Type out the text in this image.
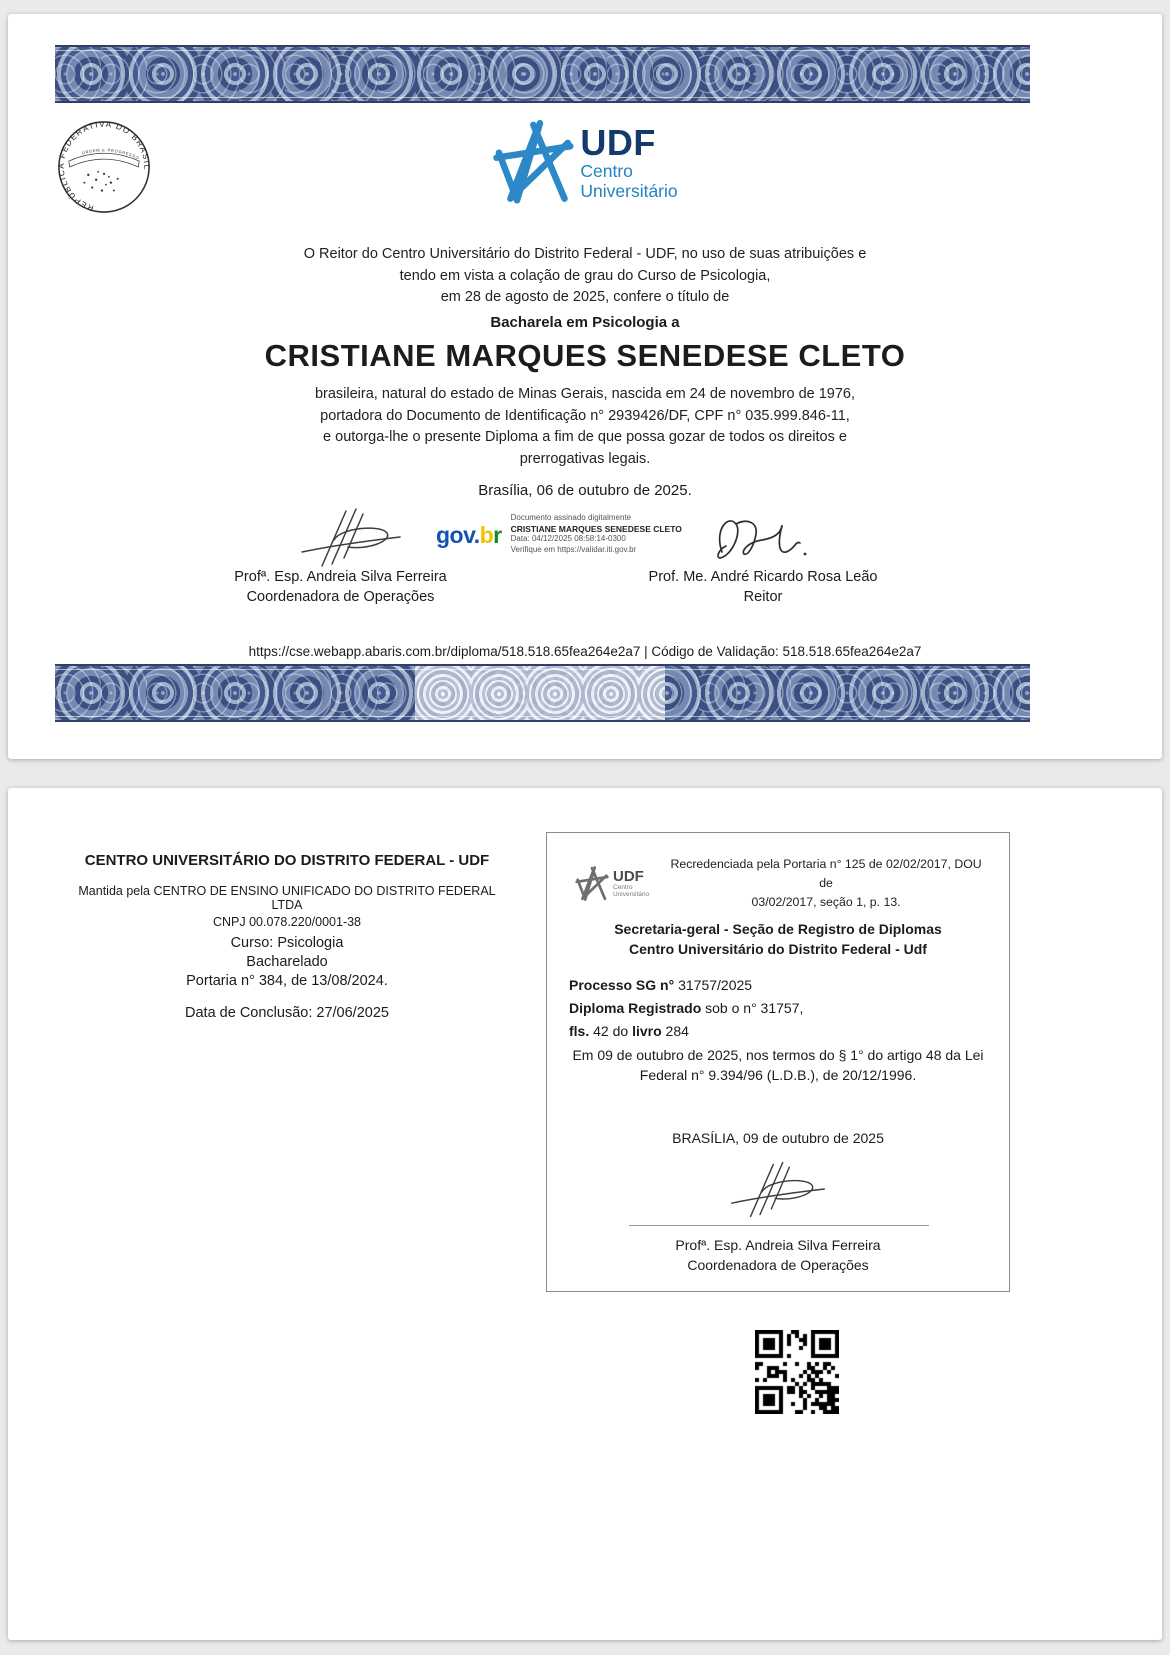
REPÚBLICA FEDERATIVA DO BRASIL
ORDEM E PROGRESSO	UDF
Centro
Universitário
O Reitor do Centro Universitário do Distrito Federal - UDF, no uso de suas atribuições e
tendo em vista a colação de grau do Curso de Psicologia,
em 28 de agosto de 2025, confere o título de
Bacharela em Psicologia a
CRISTIANE MARQUES SENEDESE CLETO
brasileira, natural do estado de Minas Gerais, nascida em 24 de novembro de 1976,
portadora do Documento de Identificação n° 2939426/DF, CPF n° 035.999.846-11,
e outorga-lhe o presente Diploma a fim de que possa gozar de todos os direitos e
prerrogativas legais.
Brasília, 06 de outubro de 2025.
gov.br
Documento assinado digitalmente
CRISTIANE MARQUES SENEDESE CLETO
Data: 04/12/2025 08:58:14-0300
Verifique em https://validar.iti.gov.br
Profª. Esp. Andreia Silva Ferreira
Coordenadora de Operações
Prof. Me. André Ricardo Rosa Leão
Reitor
https://cse.webapp.abaris.com.br/diploma/518.518.65fea264e2a7 | Código de Validação: 518.518.65fea264e2a7
CENTRO UNIVERSITÁRIO DO DISTRITO FEDERAL - UDF
Mantida pela CENTRO DE ENSINO UNIFICADO DO DISTRITO FEDERAL LTDA
CNPJ 00.078.220/0001-38
Curso: Psicologia
Bacharelado
Portaria n° 384, de 13/08/2024.
Data de Conclusão: 27/06/2025
UDF
Centro
Universitário
Recredenciada pela Portaria n° 125 de 02/02/2017, DOU de
03/02/2017, seção 1, p. 13.
Secretaria-geral - Seção de Registro de Diplomas
Centro Universitário do Distrito Federal - Udf
Processo SG n° 31757/2025
Diploma Registrado sob o n° 31757,
fls. 42 do livro 284
Em 09 de outubro de 2025, nos termos do § 1° do artigo 48 da Lei
Federal n° 9.394/96 (L.D.B.), de 20/12/1996.
BRASÍLIA, 09 de outubro de 2025
Profª. Esp. Andreia Silva Ferreira
Coordenadora de Operações
